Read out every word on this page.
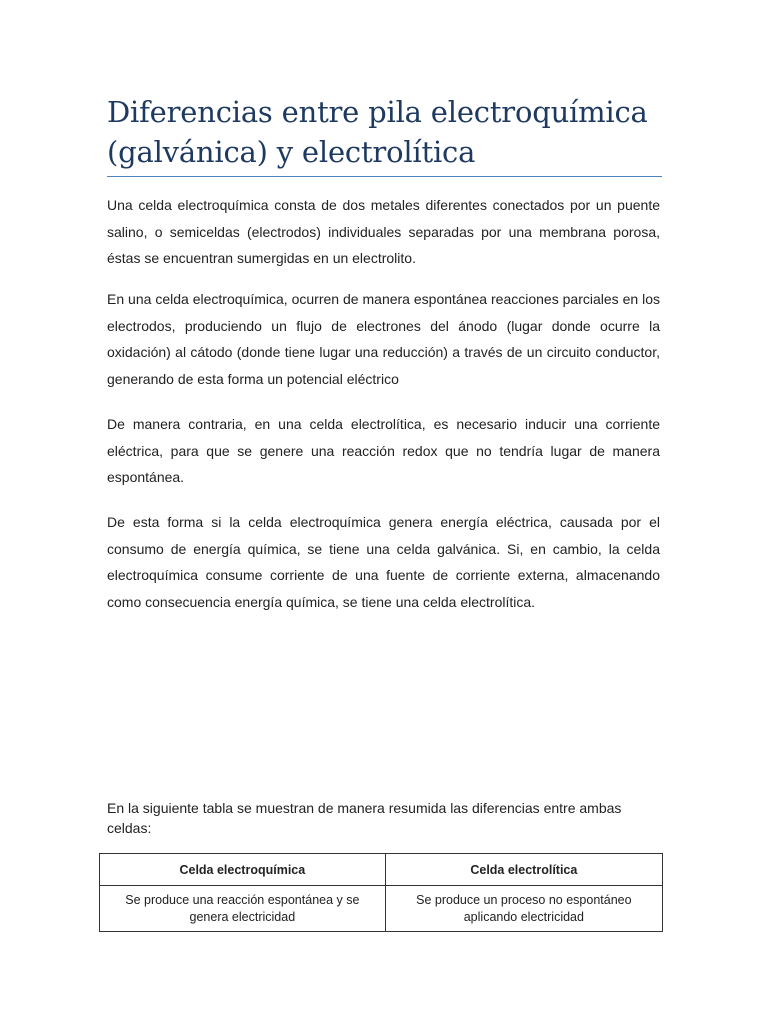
Diferencias entre pila electroquímica (galvánica) y electrolítica

Una celda electroquímica consta de dos metales diferentes conectados por un puente salino, o semiceldas (electrodos) individuales separadas por una membrana porosa, éstas se encuentran sumergidas en un electrolito.

En una celda electroquímica, ocurren de manera espontánea reacciones parciales en los electrodos, produciendo un flujo de electrones del ánodo (lugar donde ocurre la oxidación) al cátodo (donde tiene lugar una reducción) a través de un circuito conductor, generando de esta forma un potencial eléctrico

De manera contraria, en una celda electrolítica, es necesario inducir una corriente eléctrica, para que se genere una reacción redox que no tendría lugar de manera espontánea.

De esta forma si la celda electroquímica genera energía eléctrica, causada por el consumo de energía química, se tiene una celda galvánica. Si, en cambio, la celda electroquímica consume corriente de una fuente de corriente externa, almacenando como consecuencia energía química, se tiene una celda electrolítica.

En la siguiente tabla se muestran de manera resumida las diferencias entre ambas celdas:

Celda electroquímica	Celda electrolítica
Se produce una reacción espontánea y se genera electricidad	Se produce un proceso no espontáneo aplicando electricidad
